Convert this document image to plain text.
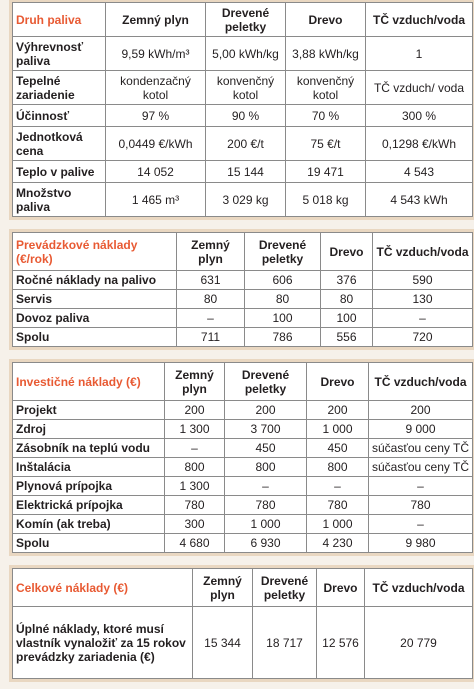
Druh paliva	Zemný plyn	Drevené peletky	Drevo	TČ vzduch/voda
Výhrevnosť paliva	9,59 kWh/m³	5,00 kWh/kg	3,88 kWh/kg	1
Tepelné zariadenie	kondenzačný kotol	konvenčný kotol	konvenčný kotol	TČ vzduch/ voda
Účinnosť	97 %	90 %	70 %	300 %
Jednotková cena	0,0449 €/kWh	200 €/t	75 €/t	0,1298 €/kWh
Teplo v palive	14 052	15 144	19 471	4 543
Množstvo paliva	1 465 m³	3 029 kg	5 018 kg	4 543 kWh
Prevádzkové náklady (€/rok)	Zemný plyn	Drevené peletky	Drevo	TČ vzduch/voda
Ročné náklady na palivo	631	606	376	590
Servis	80	80	80	130
Dovoz paliva	–	100	100	–
Spolu	711	786	556	720
Investičné náklady (€)	Zemný plyn	Drevené peletky	Drevo	TČ vzduch/voda
Projekt	200	200	200	200
Zdroj	1 300	3 700	1 000	9 000
Zásobník na teplú vodu	–	450	450	súčasťou ceny TČ
Inštalácia	800	800	800	súčasťou ceny TČ
Plynová prípojka	1 300	–	–	–
Elektrická prípojka	780	780	780	780
Komín (ak treba)	300	1 000	1 000	–
Spolu	4 680	6 930	4 230	9 980
Celkové náklady (€)	Zemný plyn	Drevené peletky	Drevo	TČ vzduch/voda
Úplné náklady, ktoré musí vlastník vynaložiť za 15 rokov prevádzky zariadenia (€)	15 344	18 717	12 576	20 779
